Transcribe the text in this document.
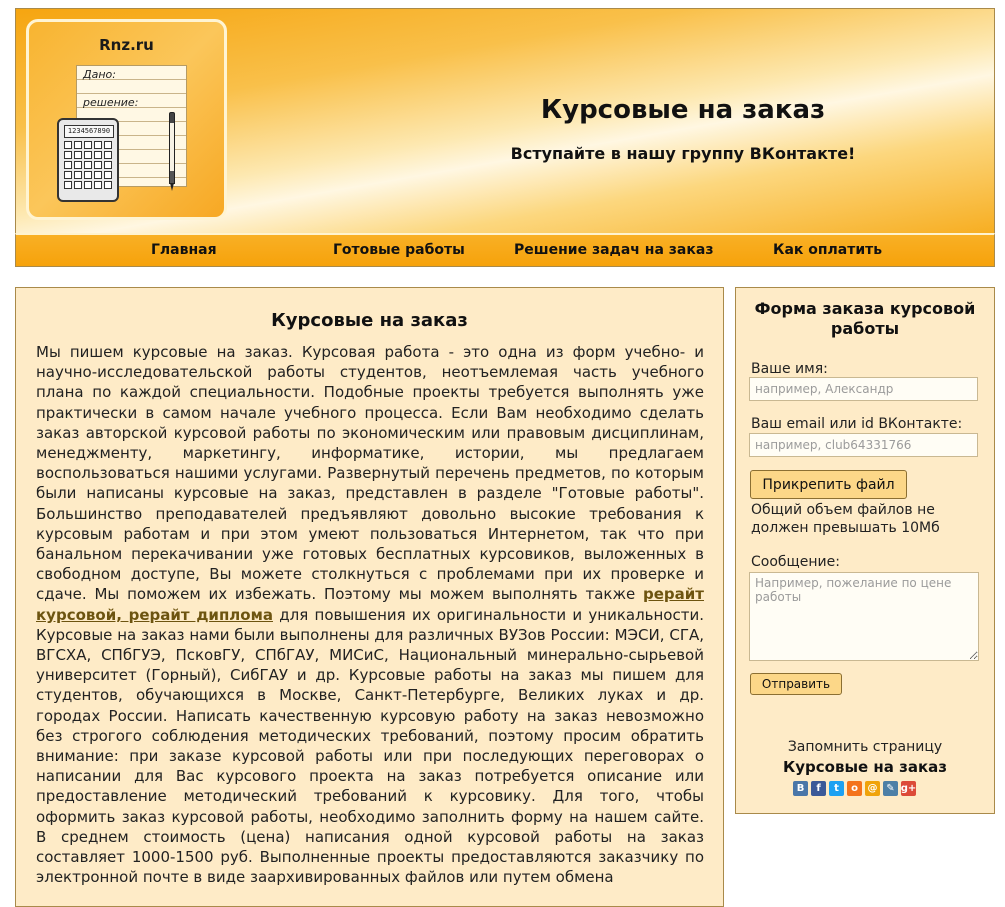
Rnz.ru
Дано:
решение:
1234567890
Курсовые на заказ
Вступайте в нашу группу ВКонтакте!
Главная	Готовые работы	Решение задач на заказ	Как оплатить
Курсовые на заказ

Мы пишем курсовые на заказ. Курсовая работа - это одна из форм учебно- и научно-исследовательской работы студентов, неотъемлемая часть учебного плана по каждой специальности. Подобные проекты требуется выполнять уже практически в самом начале учебного процесса. Если Вам необходимо сделать заказ авторской курсовой работы по экономическим или правовым дисциплинам, менеджменту, маркетингу, информатике, истории, мы предлагаем воспользоваться нашими услугами. Развернутый перечень предметов, по которым были написаны курсовые на заказ, представлен в разделе "Готовые работы". Большинство преподавателей предъявляют довольно высокие требования к курсовым работам и при этом умеют пользоваться Интернетом, так что при банальном перекачивании уже готовых бесплатных курсовиков, выложенных в свободном доступе, Вы можете столкнуться с проблемами при их проверке и сдаче. Мы поможем их избежать. Поэтому мы можем выполнять также рерайт курсовой, рерайт диплома для повышения их оригинальности и уникальности. Курсовые на заказ нами были выполнены для различных ВУЗов России: МЭСИ, СГА, ВГСХА, СПбГУЭ, ПсковГУ, СПбГАУ, МИСиС, Национальный минерально-сырьевой университет (Горный), СибГАУ и др. Курсовые работы на заказ мы пишем для студентов, обучающихся в Москве, Санкт-Петербурге, Великих луках и др. городах России. Написать качественную курсовую работу на заказ невозможно без строгого соблюдения методических требований, поэтому просим обратить внимание: при заказе курсовой работы или при последующих переговорах о написании для Вас курсового проекта на заказ потребуется описание или предоставление методический требований к курсовику. Для того, чтобы оформить заказ курсовой работы, необходимо заполнить форму на нашем сайте. В среднем стоимость (цена) написания одной курсовой работы на заказ составляет 1000-1500 руб. Выполненные проекты предоставляются заказчику по электронной почте в виде заархивированных файлов или путем обмена

Форма заказа курсовой работы
Ваше имя:
например, Александр
Ваш email или id ВКонтакте:
например, club64331766
Прикрепить файл
Общий объем файлов не должен превышать 10Мб
Сообщение:
Например, пожелание по цене работы
Отправить
Запомнить страницу
Курсовые на заказ
В	f	t	о @ ✎ g+
